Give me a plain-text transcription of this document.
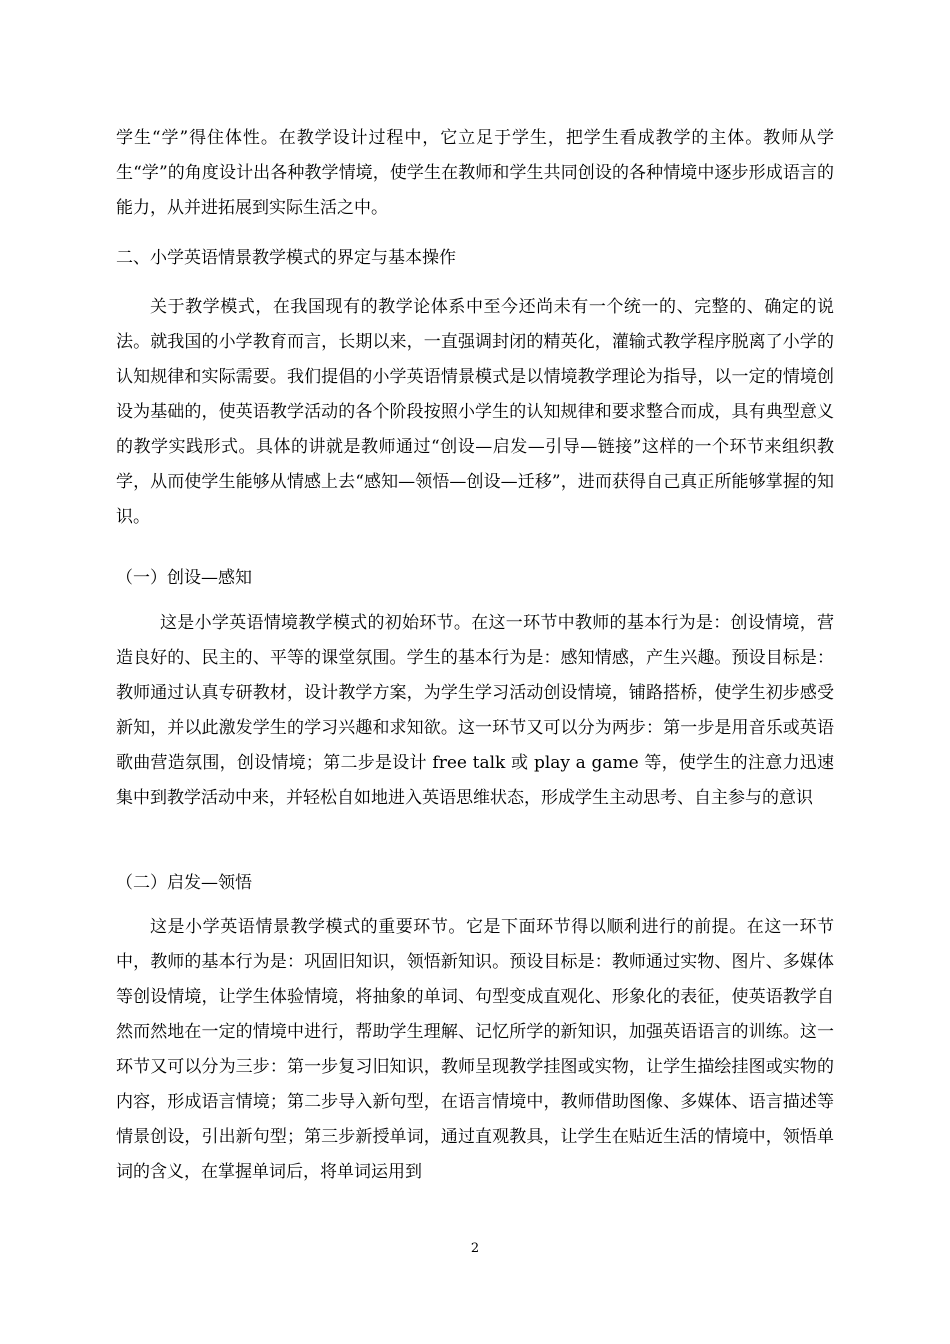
学生“学”得住体性。在教学设计过程中，它立足于学生，把学生看成教学的主体。教师从学生“学”的角度设计出各种教学情境，使学生在教师和学生共同创设的各种情境中逐步形成语言的能力，从并进拓展到实际生活之中。

二、小学英语情景教学模式的界定与基本操作

关于教学模式，在我国现有的教学论体系中至今还尚未有一个统一的、完整的、确定的说法。就我国的小学教育而言，长期以来，一直强调封闭的精英化，灌输式教学程序脱离了小学的认知规律和实际需要。我们提倡的小学英语情景模式是以情境教学理论为指导，以一定的情境创设为基础的，使英语教学活动的各个阶段按照小学生的认知规律和要求整合而成，具有典型意义的教学实践形式。具体的讲就是教师通过“创设—启发—引导—链接”这样的一个环节来组织教学，从而使学生能够从情感上去“感知—领悟—创设—迁移”，进而获得自己真正所能够掌握的知识。

（一）创设—感知

这是小学英语情境教学模式的初始环节。在这一环节中教师的基本行为是：创设情境，营造良好的、民主的、平等的课堂氛围。学生的基本行为是：感知情感，产生兴趣。预设目标是：教师通过认真专研教材，设计教学方案，为学生学习活动创设情境，铺路搭桥，使学生初步感受新知，并以此激发学生的学习兴趣和求知欲。这一环节又可以分为两步：第一步是用音乐或英语歌曲营造氛围，创设情境；第二步是设计 free talk 或 play a game 等，使学生的注意力迅速集中到教学活动中来，并轻松自如地进入英语思维状态，形成学生主动思考、自主参与的意识

（二）启发—领悟

这是小学英语情景教学模式的重要环节。它是下面环节得以顺利进行的前提。在这一环节中，教师的基本行为是：巩固旧知识，领悟新知识。预设目标是：教师通过实物、图片、多媒体等创设情境，让学生体验情境，将抽象的单词、句型变成直观化、形象化的表征，使英语教学自然而然地在一定的情境中进行，帮助学生理解、记忆所学的新知识，加强英语语言的训练。这一环节又可以分为三步：第一步复习旧知识，教师呈现教学挂图或实物，让学生描绘挂图或实物的内容，形成语言情境；第二步导入新句型，在语言情境中，教师借助图像、多媒体、语言描述等情景创设，引出新句型；第三步新授单词，通过直观教具，让学生在贴近生活的情境中，领悟单词的含义，在掌握单词后，将单词运用到

2
